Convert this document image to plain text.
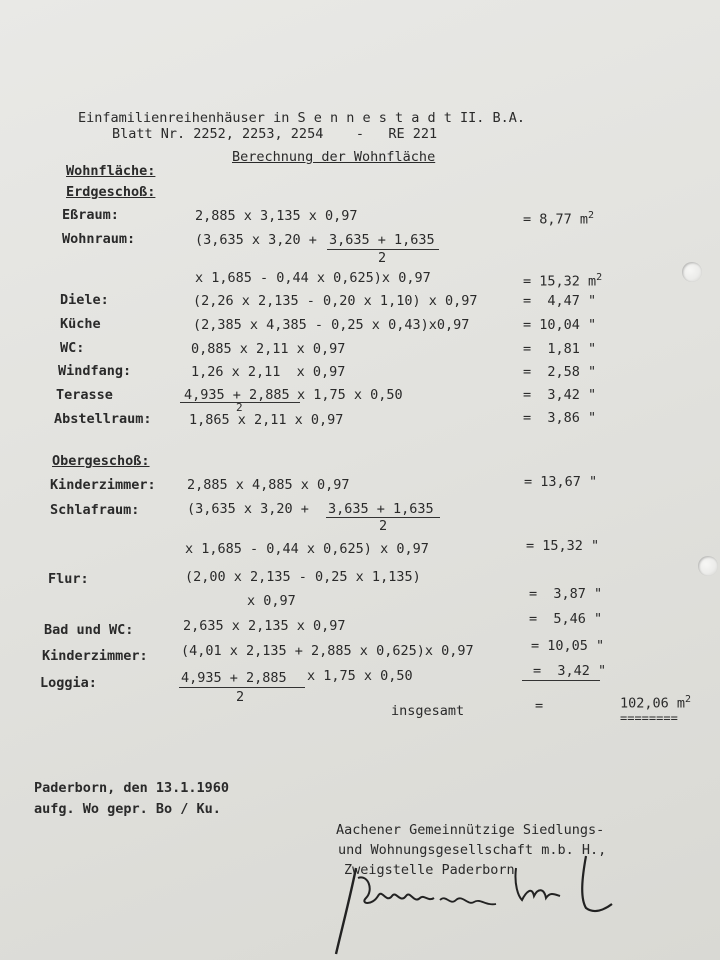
Einfamilienreihenhäuser in S e n n e s t a d t II. B.A.
Blatt Nr. 2252, 2253, 2254    -   RE 221
Berechnung der Wohnfläche
Wohnfläche:
Erdgeschoß:
Eßraum:	2,885 x 3,135 x 0,97	= 8,77 $m^2$
Wohnraum:	(3,635 x 3,20 + 3,635 + 1,635
2
x 1,685 - 0,44 x 0,625)x 0,97	= 15,32 $m^2$
Diele:	(2,26 x 2,135 - 0,20 x 1,10) x 0,97	=  4,47 "
Küche	(2,385 x 4,385 - 0,25 x 0,43)x0,97	= 10,04 "
WC:	0,885 x 2,11 x 0,97	=  1,81 "
Windfang:	1,26 x 2,11  x 0,97	=  2,58 "
Terasse	4,935 + 2,885
2
x 1,75 x 0,50	=  3,42 "
Abstellraum:	1,865 x 2,11 x 0,97	=  3,86 "
Obergeschoß:
Kinderzimmer: 2,885 x 4,885 x 0,97	= 13,67 "
Schlafraum:	(3,635 x 3,20 + 3,635 + 1,635
2
x 1,685 - 0,44 x 0,625) x 0,97	= 15,32 "
Flur:	(2,00 x 2,135 - 0,25 x 1,135)
x 0,97	=  3,87 "
Bad und WC:	2,635 x 2,135 x 0,97	=  5,46 "
Kinderzimmer: (4,01 x 2,135 + 2,885 x 0,625)x 0,97	= 10,05 "
Loggia:	4,935 + 2,885
2
x 1,75 x 0,50	=  3,42 "
insgesamt	=	102,06 $m^2$
========
Paderborn, den 13.1.1960
aufg. Wo gepr. Bo / Ku.
Aachener Gemeinnützige Siedlungs-
und Wohnungsgesellschaft m.b. H.,
Zweigstelle Paderborn
